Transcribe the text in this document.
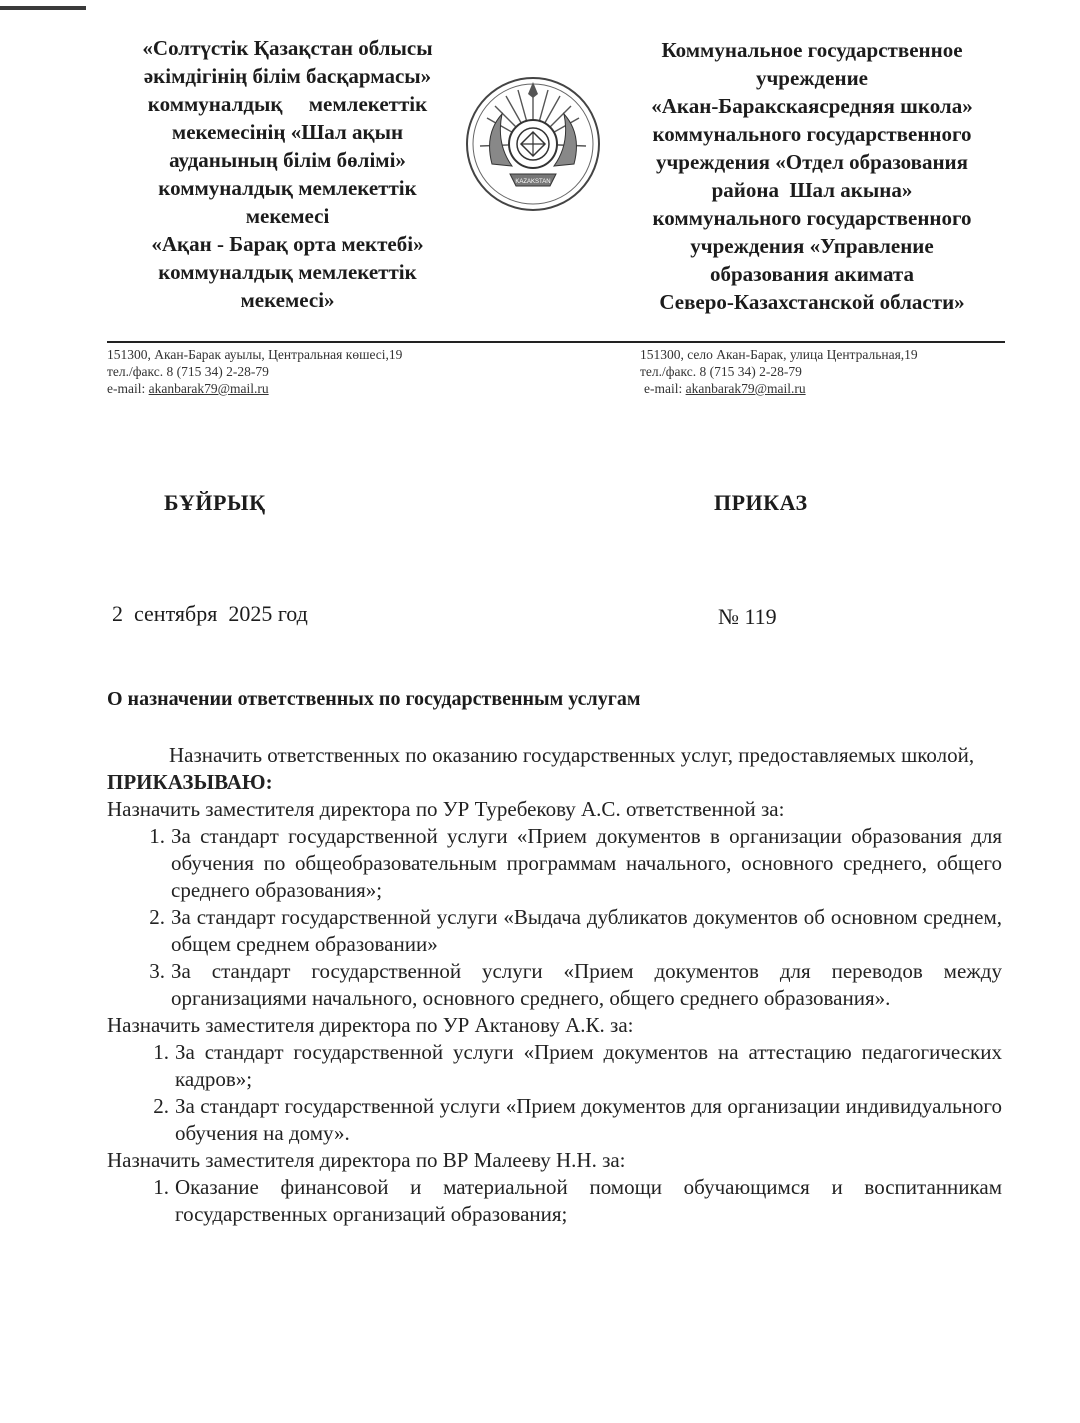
«Солтүстік Қазақстан облысы
әкімдігінің білім басқармасы»
коммуналдық     мемлекеттік
мекемесінің «Шал ақын
ауданының білім бөлімі»
коммуналдық мемлекеттік
мекемесі
«Ақан - Барақ орта мектебі»
коммуналдық мемлекеттік
мекемесі»
KAZAKSTAN
Коммунальное государственное
учреждение
«Акан-Баракскаясредняя школа»
коммунального государственного
учреждения «Отдел образования
района  Шал акына»
коммунального государственного
учреждения «Управление
образования акимата
Северо-Казахстанской области»
151300, Акан-Барак ауылы, Центральная көшесі,19
тел./факс. 8 (715 34) 2-28-79
e-mail: akanbarak79@mail.ru
151300, село Акан-Барак, улица Центральная,19
тел./факс. 8 (715 34) 2-28-79
e-mail: akanbarak79@mail.ru
БҰЙРЫҚ	ПРИКАЗ
2  сентября  2025 год	№ 119
О назначении ответственных по государственным услугам
Назначить ответственных по оказанию государственных услуг, предоставляемых школой,
ПРИКАЗЫВАЮ:
Назначить заместителя директора по УР Туребекову А.С. ответственной за:
1. За стандарт государственной услуги «Прием документов в организации образования для обучения по общеобразовательным программам начального, основного среднего, общего среднего образования»;
2. За стандарт государственной услуги «Выдача дубликатов документов об основном среднем, общем среднем образовании»
3. За стандарт государственной услуги «Прием документов для переводов между организациями начального, основного среднего, общего среднего образования».
Назначить заместителя директора по УР Актанову А.К. за:
1. За стандарт государственной услуги «Прием документов на аттестацию педагогических кадров»;
2. За стандарт государственной услуги «Прием документов для организации индивидуального обучения на дому».
Назначить заместителя директора по ВР Малееву Н.Н. за:
1. Оказание финансовой и материальной помощи обучающимся и воспитанникам государственных организаций образования;
